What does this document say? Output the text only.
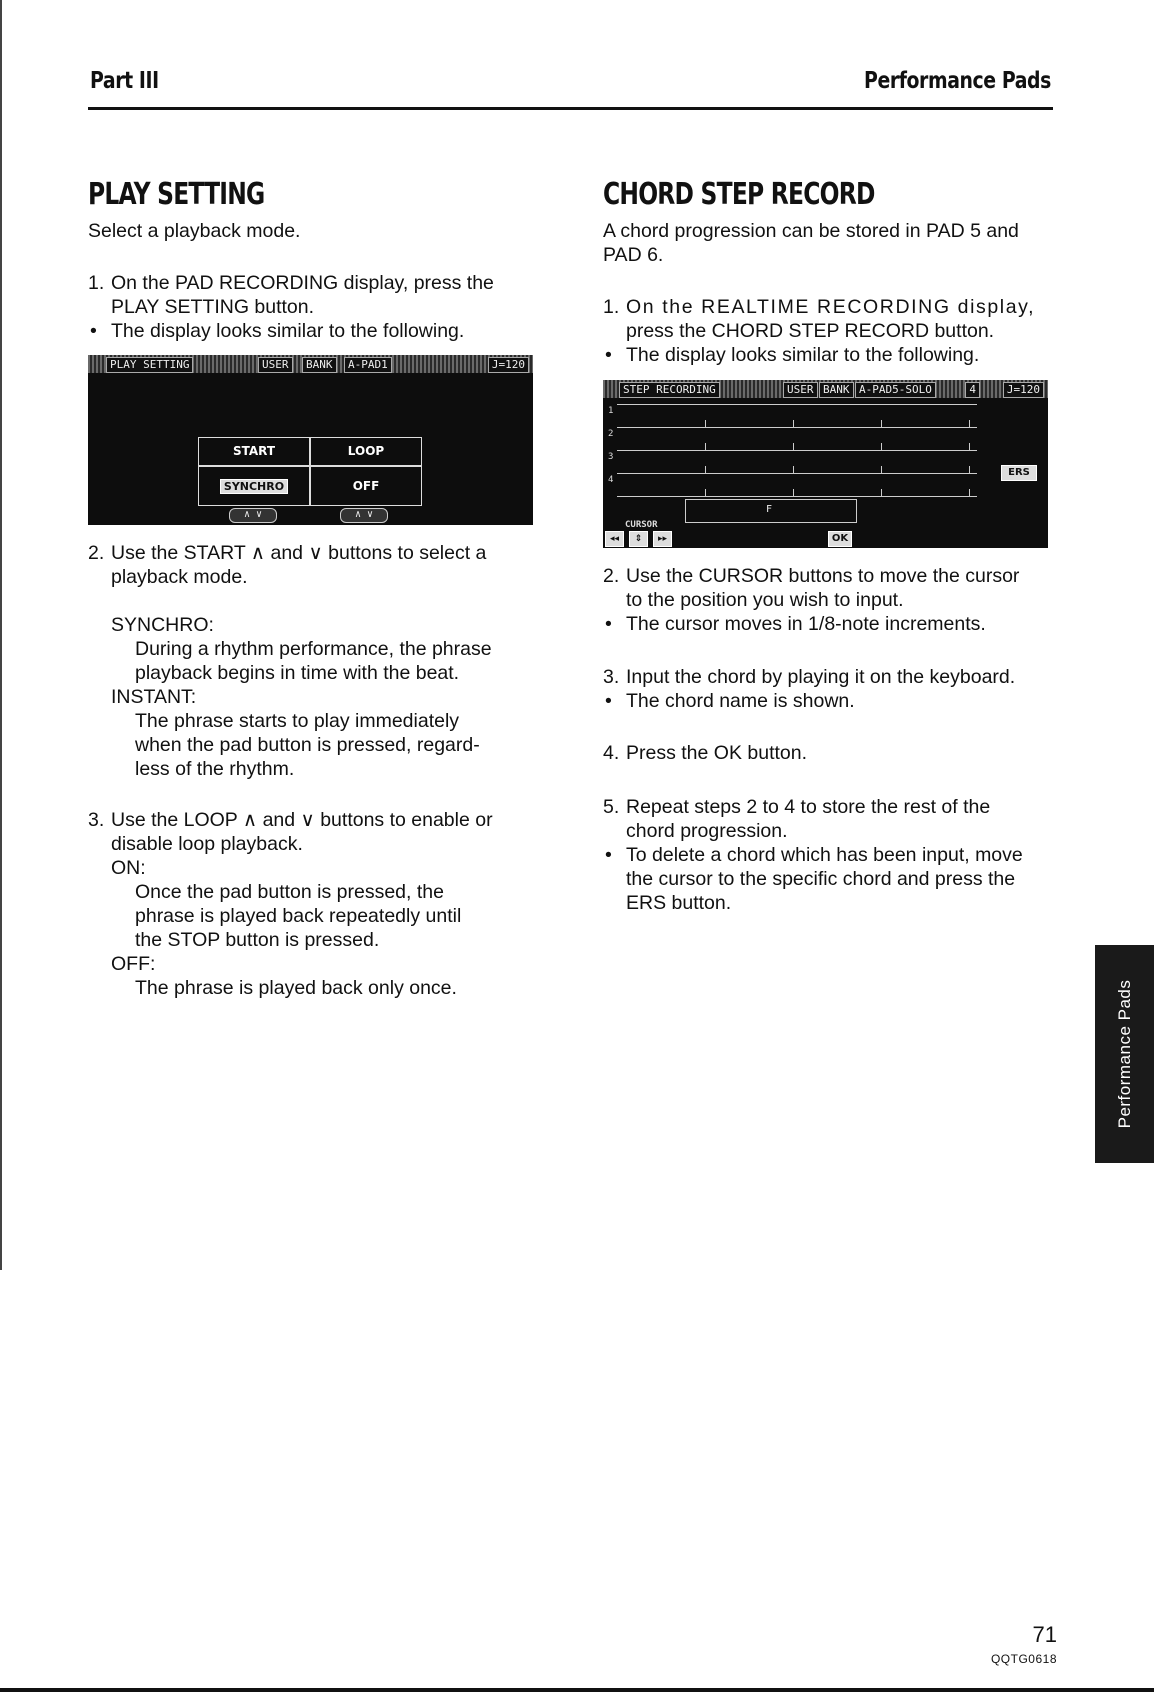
Part III	Performance Pads
PLAY SETTING
Select a playback mode.
1. On the PAD RECORDING display, press the
PLAY SETTING button.
• The display looks similar to the following.
PLAY SETTING	USER	BANK	A-PAD1	J=120
START	LOOP
SYNCHRO	OFF
∧ ∨	∧ ∨
2. Use the START ∧ and ∨ buttons to select a
playback mode.
SYNCHRO:
During a rhythm performance, the phrase
playback begins in time with the beat.
INSTANT:
The phrase starts to play immediately
when the pad button is pressed, regard-
less of the rhythm.
3. Use the LOOP ∧ and ∨ buttons to enable or
disable loop playback.
ON:
Once the pad button is pressed, the
phrase is played back repeatedly until
the STOP button is pressed.
OFF:
The phrase is played back only once.
CHORD STEP RECORD
A chord progression can be stored in PAD 5 and
PAD 6.
1. On the REALTIME RECORDING display,
press the CHORD STEP RECORD button.
• The display looks similar to the following.
STEP RECORDING	USER BANK A-PAD5-SOLO	4	J=120
1
2
3
4
F
ERS
CURSOR
◂◂	⇕	▸▸	OK
2. Use the CURSOR buttons to move the cursor
to the position you wish to input.
• The cursor moves in 1/8-note increments.
3. Input the chord by playing it on the keyboard.
• The chord name is shown.
4. Press the OK button.
5. Repeat steps 2 to 4 to store the rest of the
chord progression.
• To delete a chord which has been input, move
the cursor to the specific chord and press the
ERS button.
Performance Pads
71
QQTG0618
